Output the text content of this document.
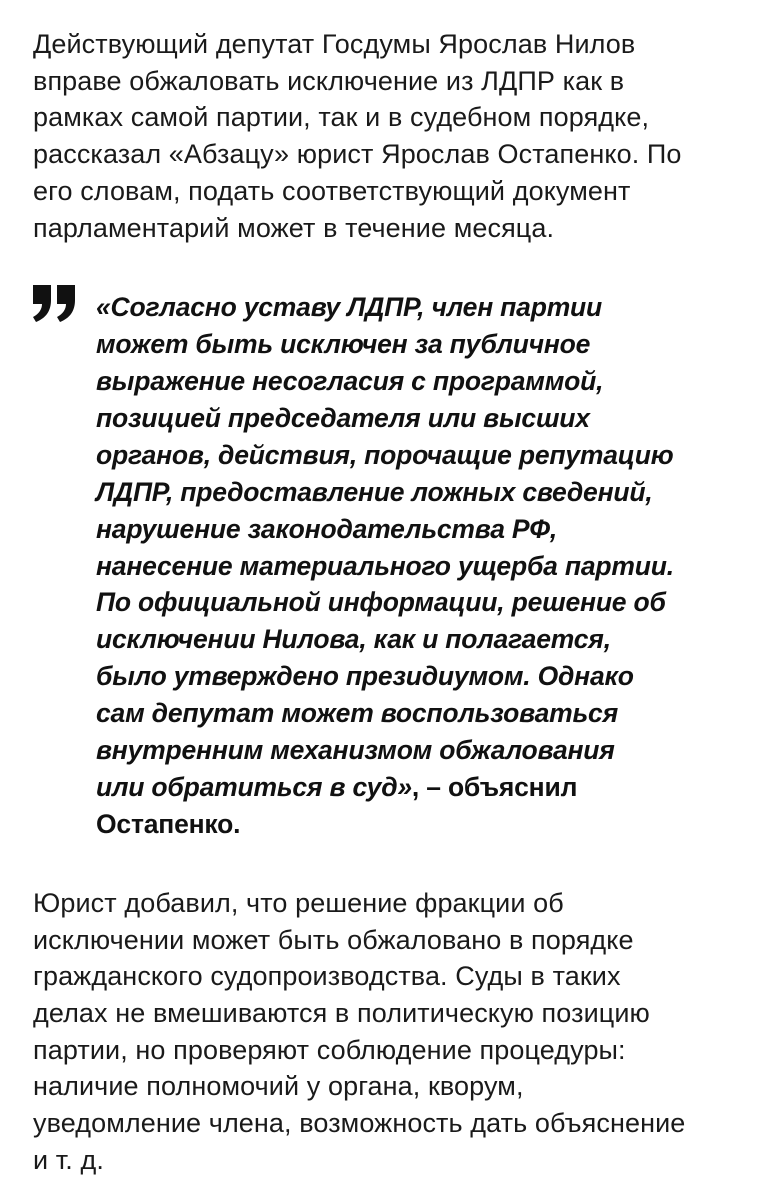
Действующий депутат Госдумы Ярослав Нилов
вправе обжаловать исключение из ЛДПР как в
рамках самой партии, так и в судебном порядке,
рассказал «Абзацу» юрист Ярослав Остапенко. По
его словам, подать соответствующий документ
парламентарий может в течение месяца.

«Согласно уставу ЛДПР, член партии
может быть исключен за публичное
выражение несогласия с программой,
позицией председателя или высших
органов, действия, порочащие репутацию
ЛДПР, предоставление ложных сведений,
нарушение законодательства РФ,
нанесение материального ущерба партии.
По официальной информации, решение об
исключении Нилова, как и полагается,
было утверждено президиумом. Однако
сам депутат может воспользоваться
внутренним механизмом обжалования
или обратиться в суд», – объяснил
Остапенко.

Юрист добавил, что решение фракции об
исключении может быть обжаловано в порядке
гражданского судопроизводства. Суды в таких
делах не вмешиваются в политическую позицию
партии, но проверяют соблюдение процедуры:
наличие полномочий у органа, кворум,
уведомление члена, возможность дать объяснение
и т. д.
